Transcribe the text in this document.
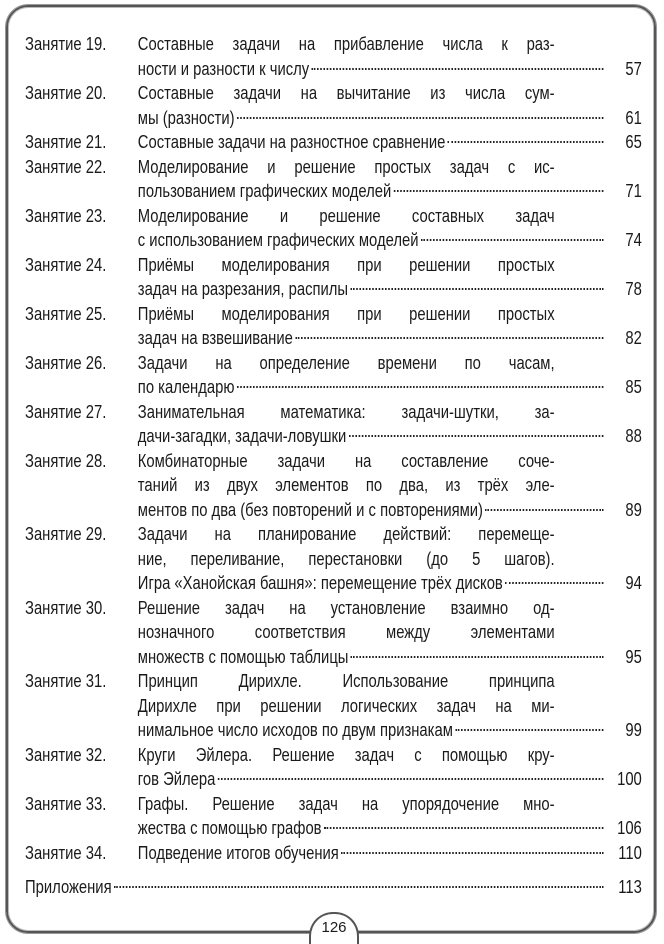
Занятие 19.	Составные задачи на прибавление числа к раз-
ности и разности к числу	57
Занятие 20.	Составные задачи на вычитание из числа сум-
мы (разности)	61
Занятие 21.	Составные задачи на разностное сравнение	65
Занятие 22.	Моделирование и решение простых задач с ис-
пользованием графических моделей	71
Занятие 23.	Моделирование и решение составных задач
с использованием графических моделей	74
Занятие 24.	Приёмы моделирования при решении простых
задач на разрезания, распилы	78
Занятие 25.	Приёмы моделирования при решении простых
задач на взвешивание	82
Занятие 26.	Задачи на определение времени по часам,
по календарю	85
Занятие 27.	Занимательная математика: задачи-шутки, за-
дачи-загадки, задачи-ловушки	88
Занятие 28.	Комбинаторные задачи на составление соче-
таний из двух элементов по два, из трёх эле-
ментов по два (без повторений и с повторениями)	89
Занятие 29.	Задачи на планирование действий: перемеще-
ние, переливание, перестановки (до 5 шагов).
Игра «Ханойская башня»: перемещение трёх дисков	94
Занятие 30.	Решение задач на установление взаимно од-
нозначного соответствия между элементами
множеств с помощью таблицы	95
Занятие 31.	Принцип Дирихле. Использование принципа
Дирихле при решении логических задач на ми-
нимальное число исходов по двум признакам	99
Занятие 32.	Круги Эйлера. Решение задач с помощью кру-
гов Эйлера	100
Занятие 33.	Графы. Решение задач на упорядочение мно-
жества с помощью графов	106
Занятие 34.	Подведение итогов обучения	110
Приложения	113
126
